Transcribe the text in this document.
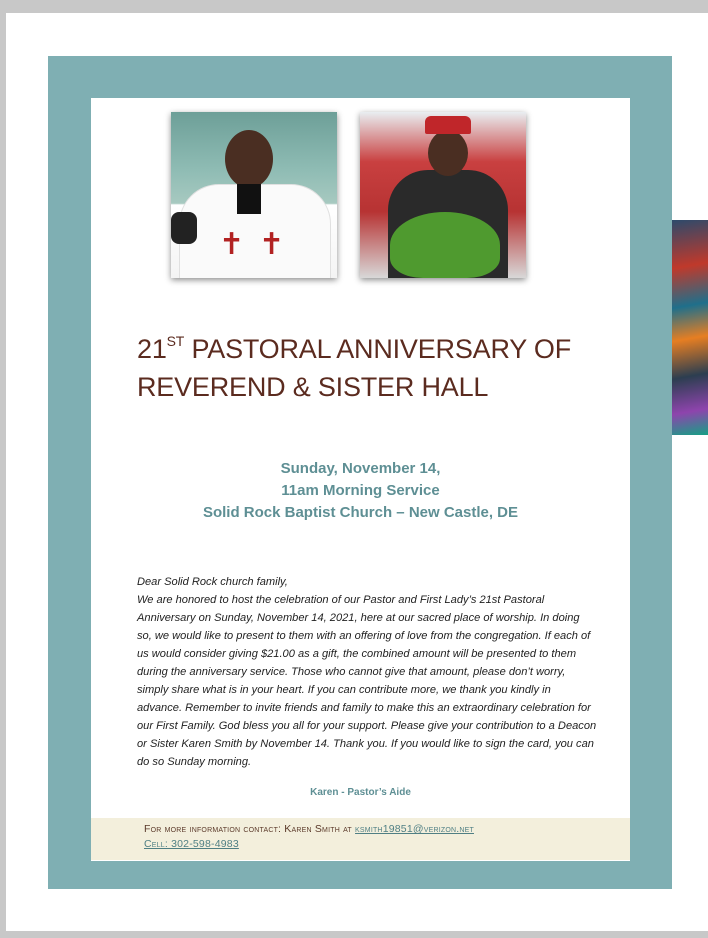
✝ ✝
21ST PASTORAL ANNIVERSARY OF
REVEREND & SISTER HALL
Sunday, November 14,
11am Morning Service
Solid Rock Baptist Church – New Castle, DE

Dear Solid Rock church family,

We are honored to host the celebration of our Pastor and First Lady’s 21st Pastoral Anniversary on Sunday, November 14, 2021, here at our sacred place of worship. In doing so, we would like to present to them with an offering of love from the congregation. If each of us would consider giving $21.00 as a gift, the combined amount will be presented to them during the anniversary service. Those who cannot give that amount, please don’t worry, simply share what is in your heart. If you can contribute more, we thank you kindly in advance. Remember to invite friends and family to make this an extraordinary celebration for our First Family. God bless you all for your support. Please give your contribution to a Deacon or Sister Karen Smith by November 14. Thank you. If you would like to sign the card, you can do so Sunday morning.

Karen - Pastor’s Aide
For more information contact: Karen Smith at ksmith19851@verizon.net
Cell: 302-598-4983
